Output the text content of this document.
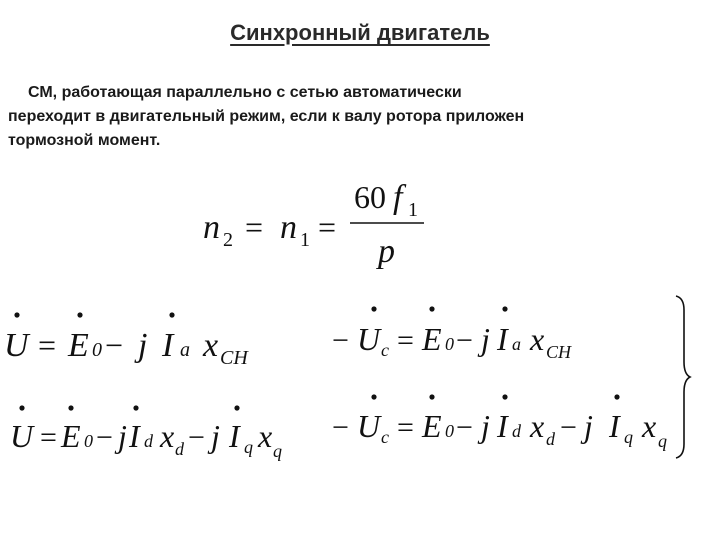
Синхронный двигатель
СМ, работающая параллельно с сетью автоматически
переходит в двигательный режим, если к валу ротора приложен
тормозной момент.
n 2 = n 1 =
60 f 1
p
U = E 0 − j I a x CH
U = E 0 − j I d x d − j I q x q
− U c = E 0 − j I a x CH
− U c = E 0 − j I d x d − j I q x q
